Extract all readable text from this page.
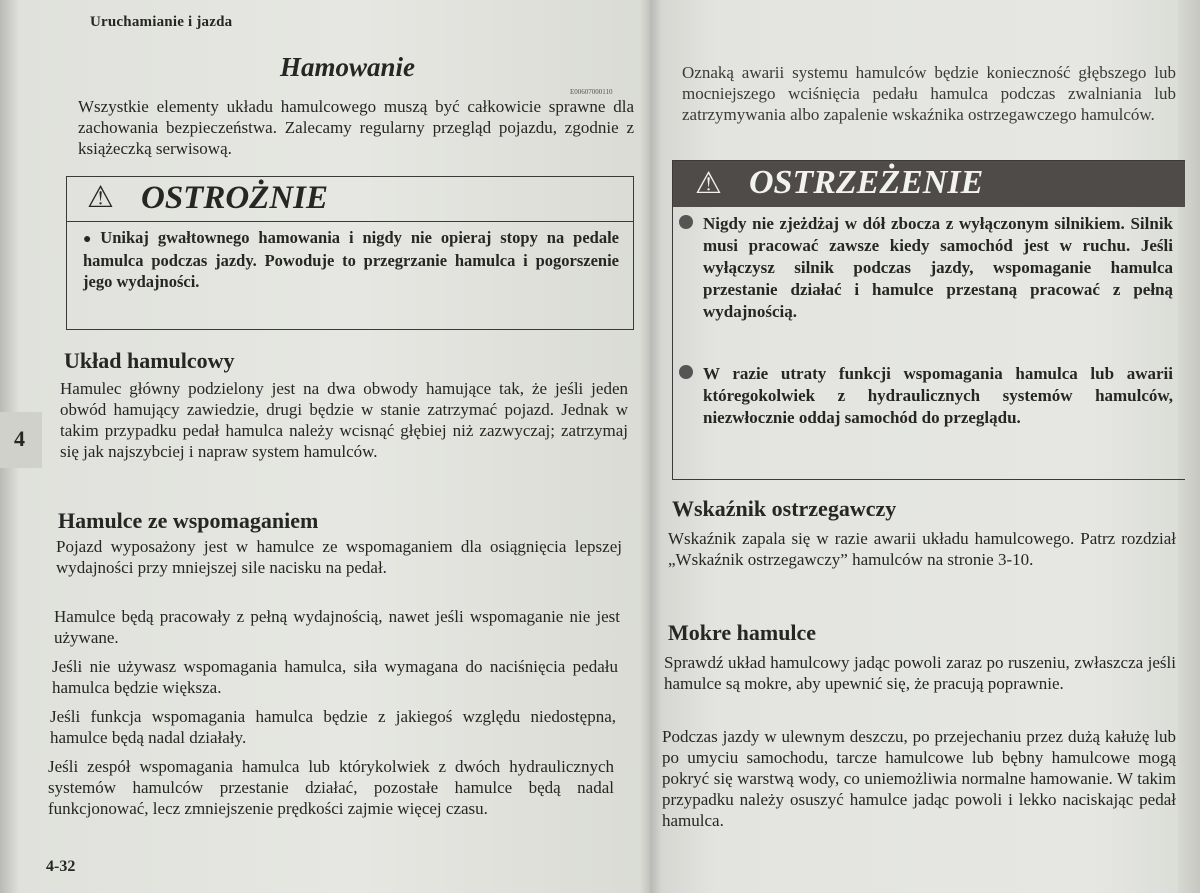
Uruchamianie i jazda
Hamowanie
E00607000110

Wszystkie elementy układu hamulcowego muszą być całkowicie sprawne dla zachowania bezpieczeństwa. Zalecamy regularny przegląd pojazdu, zgodnie z książeczką serwisową.

⚠ OSTROŻNIE

● Unikaj gwałtownego hamowania i nigdy nie opieraj stopy na pedale hamulca podczas jazdy. Powoduje to przegrzanie hamulca i pogorszenie jego wydajności.

Układ hamulcowy

Hamulec główny podzielony jest na dwa obwody hamujące tak, że jeśli jeden obwód hamujący zawiedzie, drugi będzie w stanie zatrzymać pojazd. Jednak w takim przypadku pedał hamulca należy wcisnąć głębiej niż zazwyczaj; zatrzymaj się jak najszybciej i napraw system hamulców.

Hamulce ze wspomaganiem

Pojazd wyposażony jest w hamulce ze wspomaganiem dla osiągnięcia lepszej wydajności przy mniejszej sile nacisku na pedał.

Hamulce będą pracowały z pełną wydajnością, nawet jeśli wspomaganie nie jest używane.

Jeśli nie używasz wspomagania hamulca, siła wymagana do naciśnięcia pedału hamulca będzie większa.

Jeśli funkcja wspomagania hamulca będzie z jakiegoś względu niedostępna, hamulce będą nadal działały.

Jeśli zespół wspomagania hamulca lub którykolwiek z dwóch hydraulicznych systemów hamulców przestanie działać, pozostałe hamulce będą nadal funkcjonować, lecz zmniejszenie prędkości zajmie więcej czasu.

4
4-32

Oznaką awarii systemu hamulców będzie konieczność głębszego lub mocniejszego wciśnięcia pedału hamulca podczas zwalniania lub zatrzymywania albo zapalenie wskaźnika ostrzegawczego hamulców.

⚠ OSTRZEŻENIE

Nigdy nie zjeżdżaj w dół zbocza z wyłączonym silnikiem. Silnik musi pracować zawsze kiedy samochód jest w ruchu. Jeśli wyłączysz silnik podczas jazdy, wspomaganie hamulca przestanie działać i hamulce przestaną pracować z pełną wydajnością.

W razie utraty funkcji wspomagania hamulca lub awarii któregokolwiek z hydraulicznych systemów hamulców, niezwłocznie oddaj samochód do przeglądu.

Wskaźnik ostrzegawczy

Wskaźnik zapala się w razie awarii układu hamulcowego. Patrz rozdział „Wskaźnik ostrzegawczy” hamulców na stronie 3-10.

Mokre hamulce

Sprawdź układ hamulcowy jadąc powoli zaraz po ruszeniu, zwłaszcza jeśli hamulce są mokre, aby upewnić się, że pracują poprawnie.

Podczas jazdy w ulewnym deszczu, po przejechaniu przez dużą kałużę lub po umyciu samochodu, tarcze hamulcowe lub bębny hamulcowe mogą pokryć się warstwą wody, co uniemożliwia normalne hamowanie. W takim przypadku należy osuszyć hamulce jadąc powoli i lekko naciskając pedał hamulca.
